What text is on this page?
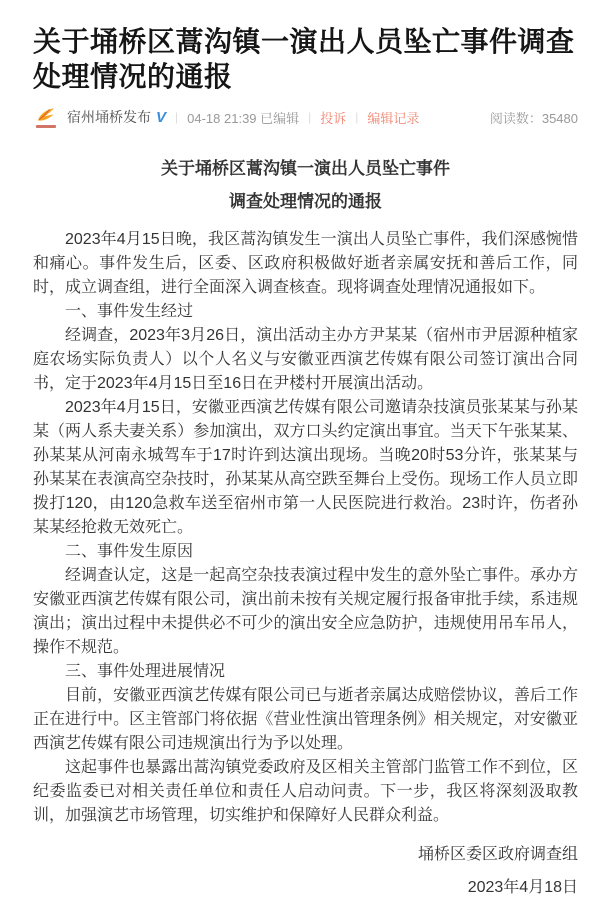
关于埇桥区蒿沟镇一演出人员坠亡事件调查处理情况的通报
宿州埇桥发布 V | 04-18 21:39 已编辑 | 投诉 | 编辑记录	阅读数：35480
关于埇桥区蒿沟镇一演出人员坠亡事件
调查处理情况的通报

2023年4月15日晚，我区蒿沟镇发生一演出人员坠亡事件，我们深感惋惜和痛心。事件发生后，区委、区政府积极做好逝者亲属安抚和善后工作，同时，成立调查组，进行全面深入调查核查。现将调查处理情况通报如下。

一、事件发生经过

经调查，2023年3月26日，演出活动主办方尹某某（宿州市尹居源种植家庭农场实际负责人）以个人名义与安徽亚西演艺传媒有限公司签订演出合同书，定于2023年4月15日至16日在尹楼村开展演出活动。

2023年4月15日，安徽亚西演艺传媒有限公司邀请杂技演员张某某与孙某某（两人系夫妻关系）参加演出，双方口头约定演出事宜。当天下午张某某、孙某某从河南永城驾车于17时许到达演出现场。当晚20时53分许，张某某与孙某某在表演高空杂技时，孙某某从高空跌至舞台上受伤。现场工作人员立即拨打120，由120急救车送至宿州市第一人民医院进行救治。23时许，伤者孙某某经抢救无效死亡。

二、事件发生原因

经调查认定，这是一起高空杂技表演过程中发生的意外坠亡事件。承办方安徽亚西演艺传媒有限公司，演出前未按有关规定履行报备审批手续，系违规演出；演出过程中未提供必不可少的演出安全应急防护，违规使用吊车吊人，操作不规范。

三、事件处理进展情况

目前，安徽亚西演艺传媒有限公司已与逝者亲属达成赔偿协议，善后工作正在进行中。区主管部门将依据《营业性演出管理条例》相关规定，对安徽亚西演艺传媒有限公司违规演出行为予以处理。

这起事件也暴露出蒿沟镇党委政府及区相关主管部门监管工作不到位，区纪委监委已对相关责任单位和责任人启动问责。下一步，我区将深刻汲取教训，加强演艺市场管理，切实维护和保障好人民群众利益。

埇桥区委区政府调查组
2023年4月18日
